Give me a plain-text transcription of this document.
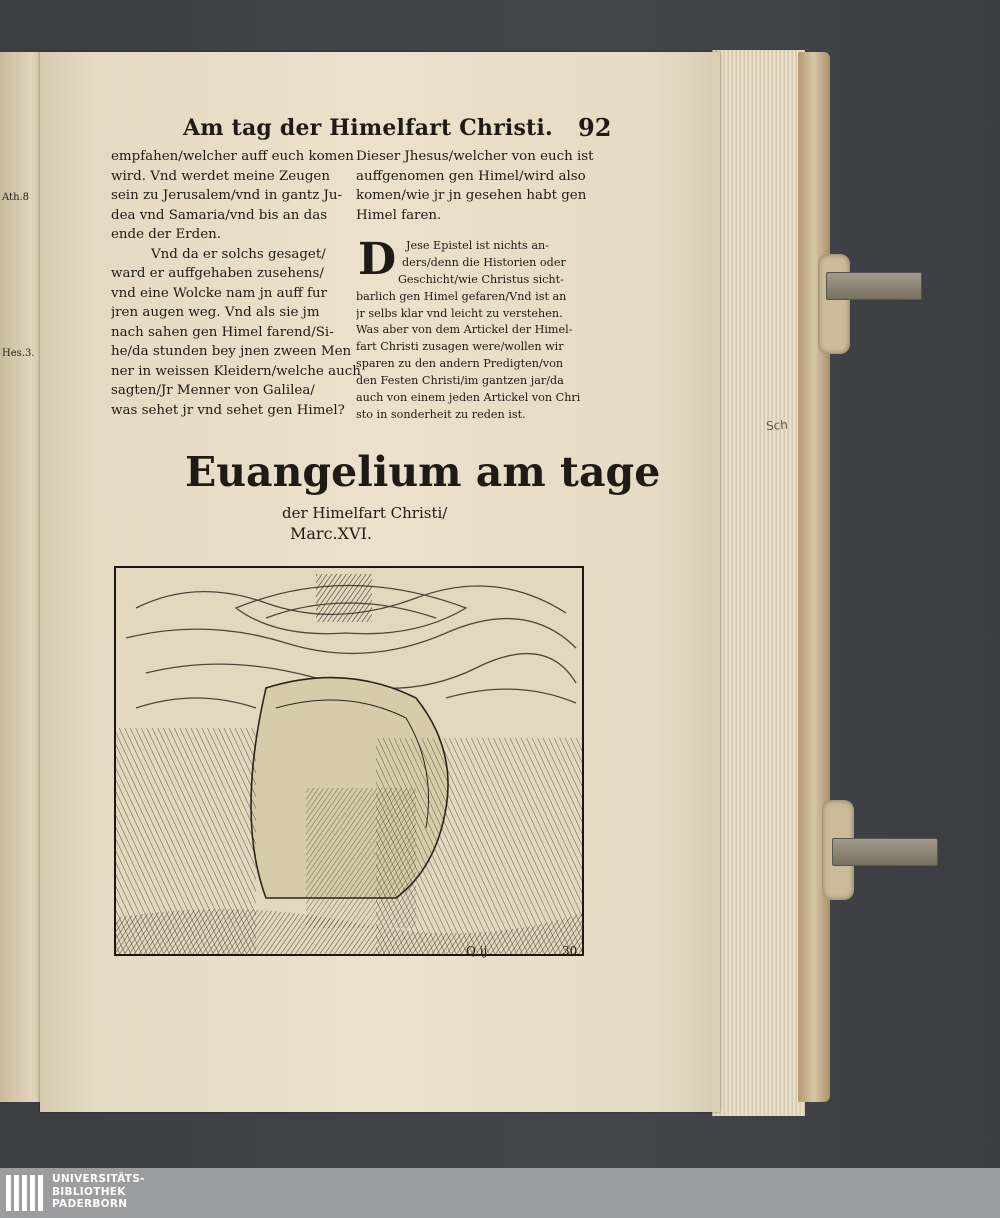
Ath.8
Hes.3.
Sch
Am tag der Himelfart Christi. 92
empfahen/welcher auff euch komen
wird. Vnd werdet meine Zeugen
sein zu Jerusalem/vnd in gantz Ju-
dea vnd Samaria/vnd bis an das
ende der Erden.
Vnd da er solchs gesaget/
ward er auffgehaben zusehens/
vnd eine Wolcke nam jn auff fur
jren augen weg. Vnd als sie jm
nach sahen gen Himel farend/Si-
he/da stunden bey jnen zween Men
ner in weissen Kleidern/welche auch
sagten/Jr Menner von Galilea/
was sehet jr vnd sehet gen Himel?
Dieser Jhesus/welcher von euch ist
auffgenomen gen Himel/wird also
komen/wie jr jn gesehen habt gen
Himel faren.
D Jese Epistel ist nichts an-
ders/denn die Historien oder
Geschicht/wie Christus sicht-
barlich gen Himel gefaren/Vnd ist an
jr selbs klar vnd leicht zu verstehen.
Was aber von dem Artickel der Himel-
fart Christi zusagen were/wollen wir
sparen zu den andern Predigten/von
den Festen Christi/im gantzen jar/da
auch von einem jeden Artickel von Chri
sto in sonderheit zu reden ist.
Euangelium am tage
der Himelfart Christi/
Marc.XVI.
Q ij	30
UNIVERSITÄTS-
BIBLIOTHEK
PADERBORN
